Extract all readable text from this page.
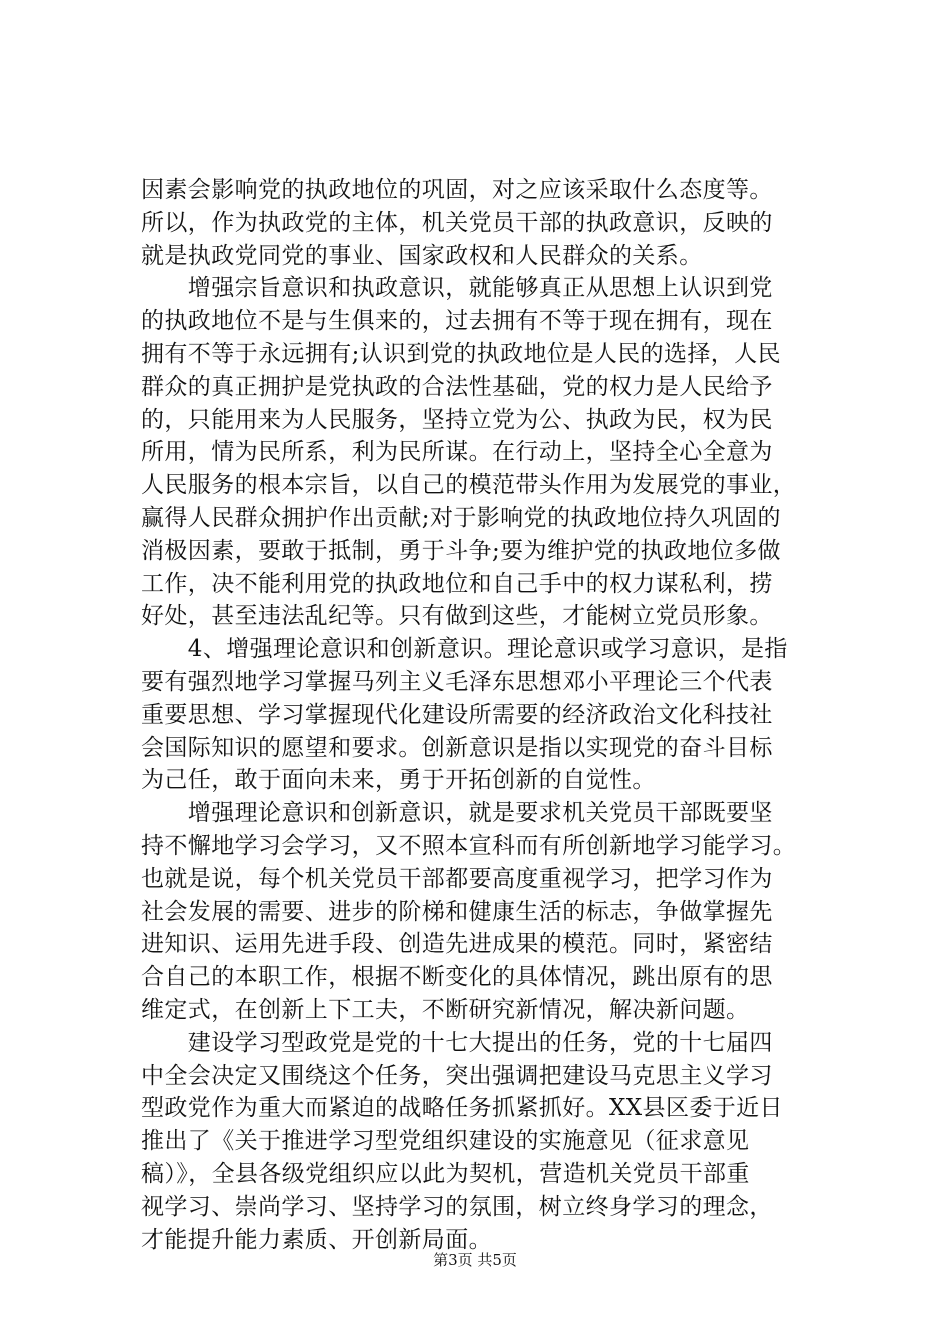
因素会影响党的执政地位的巩固，对之应该采取什么态度等。
所以，作为执政党的主体，机关党员干部的执政意识，反映的
就是执政党同党的事业、国家政权和人民群众的关系。
　　增强宗旨意识和执政意识，就能够真正从思想上认识到党
的执政地位不是与生俱来的，过去拥有不等于现在拥有，现在
拥有不等于永远拥有;认识到党的执政地位是人民的选择，人民
群众的真正拥护是党执政的合法性基础，党的权力是人民给予
的，只能用来为人民服务，坚持立党为公、执政为民，权为民
所用，情为民所系，利为民所谋。在行动上，坚持全心全意为
人民服务的根本宗旨，以自己的模范带头作用为发展党的事业，
赢得人民群众拥护作出贡献;对于影响党的执政地位持久巩固的
消极因素，要敢于抵制，勇于斗争;要为维护党的执政地位多做
工作，决不能利用党的执政地位和自己手中的权力谋私利，捞
好处，甚至违法乱纪等。只有做到这些，才能树立党员形象。
　　4、增强理论意识和创新意识。理论意识或学习意识，是指
要有强烈地学习掌握马列主义毛泽东思想邓小平理论三个代表
重要思想、学习掌握现代化建设所需要的经济政治文化科技社
会国际知识的愿望和要求。创新意识是指以实现党的奋斗目标
为己任，敢于面向未来，勇于开拓创新的自觉性。
　　增强理论意识和创新意识，就是要求机关党员干部既要坚
持不懈地学习会学习，又不照本宣科而有所创新地学习能学习。
也就是说，每个机关党员干部都要高度重视学习，把学习作为
社会发展的需要、进步的阶梯和健康生活的标志，争做掌握先
进知识、运用先进手段、创造先进成果的模范。同时，紧密结
合自己的本职工作，根据不断变化的具体情况，跳出原有的思
维定式，在创新上下工夫，不断研究新情况，解决新问题。
　　建设学习型政党是党的十七大提出的任务，党的十七届四
中全会决定又围绕这个任务，突出强调把建设马克思主义学习
型政党作为重大而紧迫的战略任务抓紧抓好。XX县区委于近日
推出了《关于推进学习型党组织建设的实施意见（征求意见
稿）》，全县各级党组织应以此为契机，营造机关党员干部重
视学习、崇尚学习、坚持学习的氛围，树立终身学习的理念，
才能提升能力素质、开创新局面。
第3页 共5页
